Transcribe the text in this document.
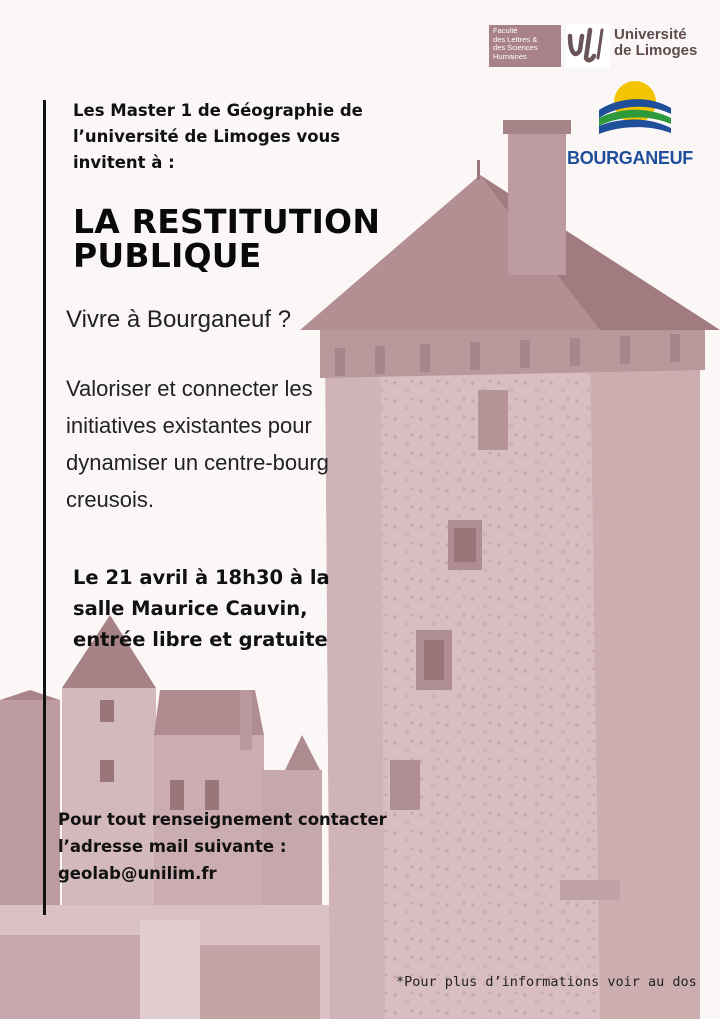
Faculté
des Lettres &
des Sciences
Humaines
Université
de Limoges
BOURGANEUF
Les Master 1 de Géographie de
l’université de Limoges vous
invitent à :
LA RESTITUTION
PUBLIQUE
Vivre à Bourganeuf ?
Valoriser et connecter les
initiatives existantes pour
dynamiser un centre-bourg
creusois.
Le 21 avril à 18h30 à la
salle Maurice Cauvin,
entrée libre et gratuite
Pour tout renseignement contacter
l’adresse mail suivante :
geolab@unilim.fr
*Pour plus d’informations voir au dos
